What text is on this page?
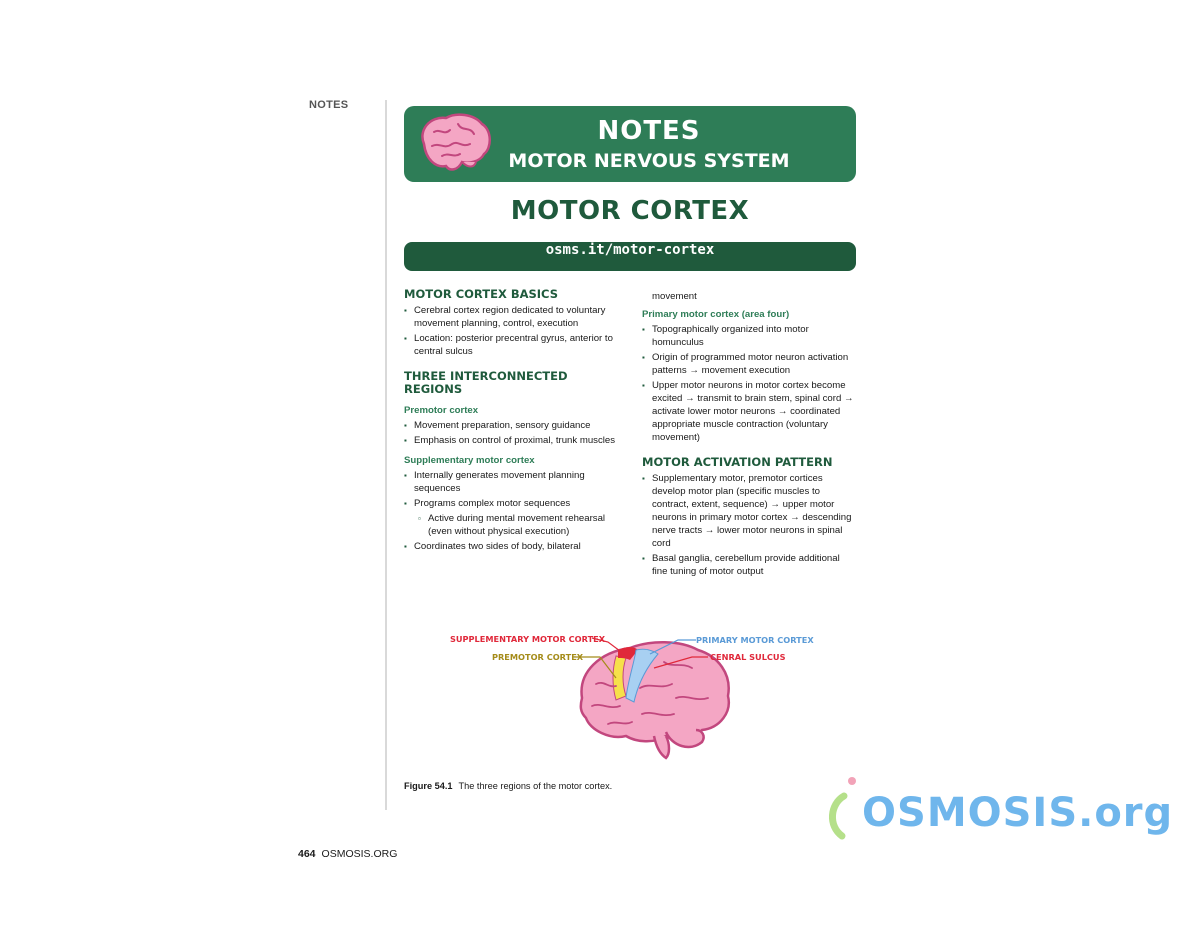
NOTES
NOTES
MOTOR NERVOUS SYSTEM
MOTOR CORTEX
osms.it/motor-cortex
MOTOR CORTEX BASICS
▪ Cerebral cortex region dedicated to voluntary movement planning, control, execution
▪ Location: posterior precentral gyrus, anterior to central sulcus
THREE INTERCONNECTED REGIONS
Premotor cortex
▪ Movement preparation, sensory guidance
▪ Emphasis on control of proximal, trunk muscles
Supplementary motor cortex
▪ Internally generates movement planning sequences
▪ Programs complex motor sequences
▫ Active during mental movement rehearsal (even without physical execution)
▪ Coordinates two sides of body, bilateral
movement
Primary motor cortex (area four)
▪ Topographically organized into motor homunculus
▪ Origin of programmed motor neuron activation patterns → movement execution
▪ Upper motor neurons in motor cortex become excited → transmit to brain stem, spinal cord → activate lower motor neurons → coordinated appropriate muscle contraction (voluntary movement)
MOTOR ACTIVATION PATTERN
▪ Supplementary motor, premotor cortices develop motor plan (specific muscles to contract, extent, sequence) → upper motor neurons in primary motor cortex → descending nerve tracts → lower motor neurons in spinal cord
▪ Basal ganglia, cerebellum provide additional fine tuning of motor output
SUPPLEMENTARY MOTOR CORTEX
PREMOTOR CORTEX
PRIMARY MOTOR CORTEX
CENRAL SULCUS
Figure 54.1 The three regions of the motor cortex.
464 OSMOSIS.ORG
OSMOSIS.org
